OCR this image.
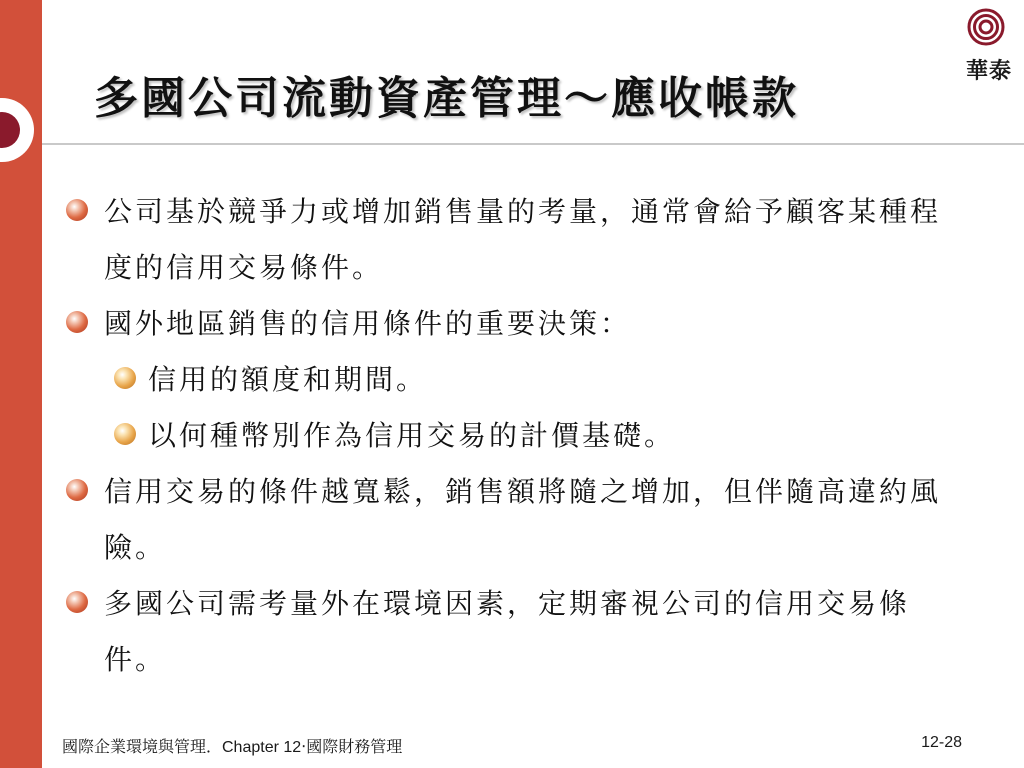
多國公司流動資產管理～應收帳款
華泰
公司基於競爭力或增加銷售量的考量，通常會給予顧客某種程度的信用交易條件。
國外地區銷售的信用條件的重要決策：
信用的額度和期間。
以何種幣別作為信用交易的計價基礎。
信用交易的條件越寬鬆，銷售額將隨之增加，但伴隨高違約風險。
多國公司需考量外在環境因素，定期審視公司的信用交易條件。
國際企業環境與管理．Chapter 12‧國際財務管理	12-28
